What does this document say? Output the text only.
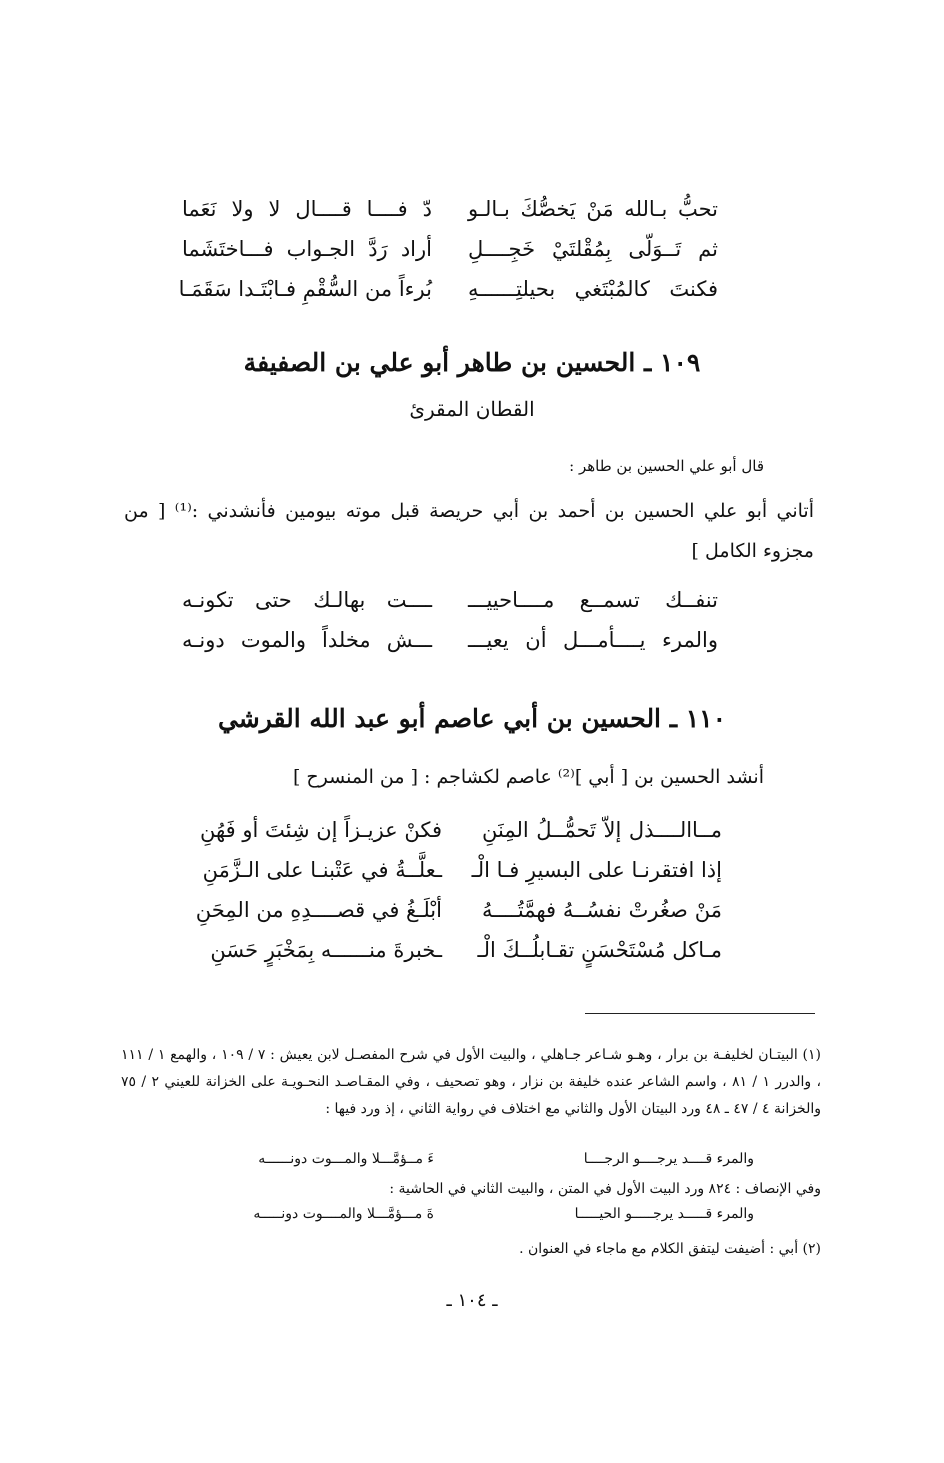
تحبُّ بـالله مَنْ يَخصُّكَ بـالـو
دّ فــــا قــــال لا ولا نَعَما
ثم تَــوَلّى بِمُقْلتَيْ خَجِــــلِ
أراد رَدَّ الجـواب فـــاختَشَما
فكنتَ كالمُبْتَغي بحيلتِــــــهِ
بُرءاً من السُّقْمِ فـابْتَـدا سَقَمَـا
١٠٩ ـ الحسين بن طاهر أبو علي بن الصفيفة
القطان المقرئ
قال أبو علي الحسين بن طاهر :
أتاني أبو علي الحسين بن أحمد بن أبي حريصة قبل موته بيومين فأنشدني :⁽¹⁾ [ من مجزوء الكامل ]
تنفــك تسمــع مــــاحييـــ
ــــت بهالـك حتى تكونـه
والمرء يــــأمـــل أن يعيـــ
ـــش مخلداً والموت دونـه
١١٠ ـ الحسين بن أبي عاصم أبو عبد الله القرشي
أنشد الحسين بن [ أبي ]⁽²⁾ عاصم لكشاجم : [ من المنسرح ]
مــاالــــذل إلاّ تَحمُّــلُ المِنَنِ
فكنْ عزيـزاً إن شِئتَ أو فَهُنِ
إذا افتقرنـا على البسيرِ فـا الْـ
ـعلَّــةُ في عَتْبنـا على الـزَّمَنِ
مَنْ صغُرتْ نفسُــهُ فهمَّتُــــهُ
أبْلَـغُ في قصــــدِهِ من المِحَنِ
مـاكل مُسْتَحْسَنٍ تقـابلُــكَ الْـ
ـخبرةَ منــــــه بِمَخْبَرٍ حَسَنِ
(١) البيتـان لخليفـة بن برار ، وهـو شـاعر جـاهلي ، والبيت الأول في شرح المفصـل لابن يعيش : ٧ / ١٠٩ ، والهمع ١ / ١١١ ، والدرر ١ / ٨١ ، واسم الشاعر عنده خليفة بن نزار ، وهو تصحيف ، وفي المقـاصـد النحـويـة على الخزانة للعيني ٢ / ٧٥ والخزانة ٤ / ٤٧ ـ ٤٨ ورد البيتان الأول والثاني مع اختلاف في رواية الثاني ، إذ ورد فيها :
والمرء قــــد يرجــــو الرجــــا
ءَ مــؤمَّـــلا والمـــوت دونــــــه
وفي الإنصاف : ٨٢٤ ورد البيت الأول في المتن ، والبيت الثاني في الحاشية :
والمرء قـــــد يرجـــــو الحيـــــا
ةَ مـــؤمَّـــلا والمــــوت دونـــــه
(٢) أبي : أضيفت ليتفق الكلام مع ماجاء في العنوان .
ـ ١٠٤ ـ
